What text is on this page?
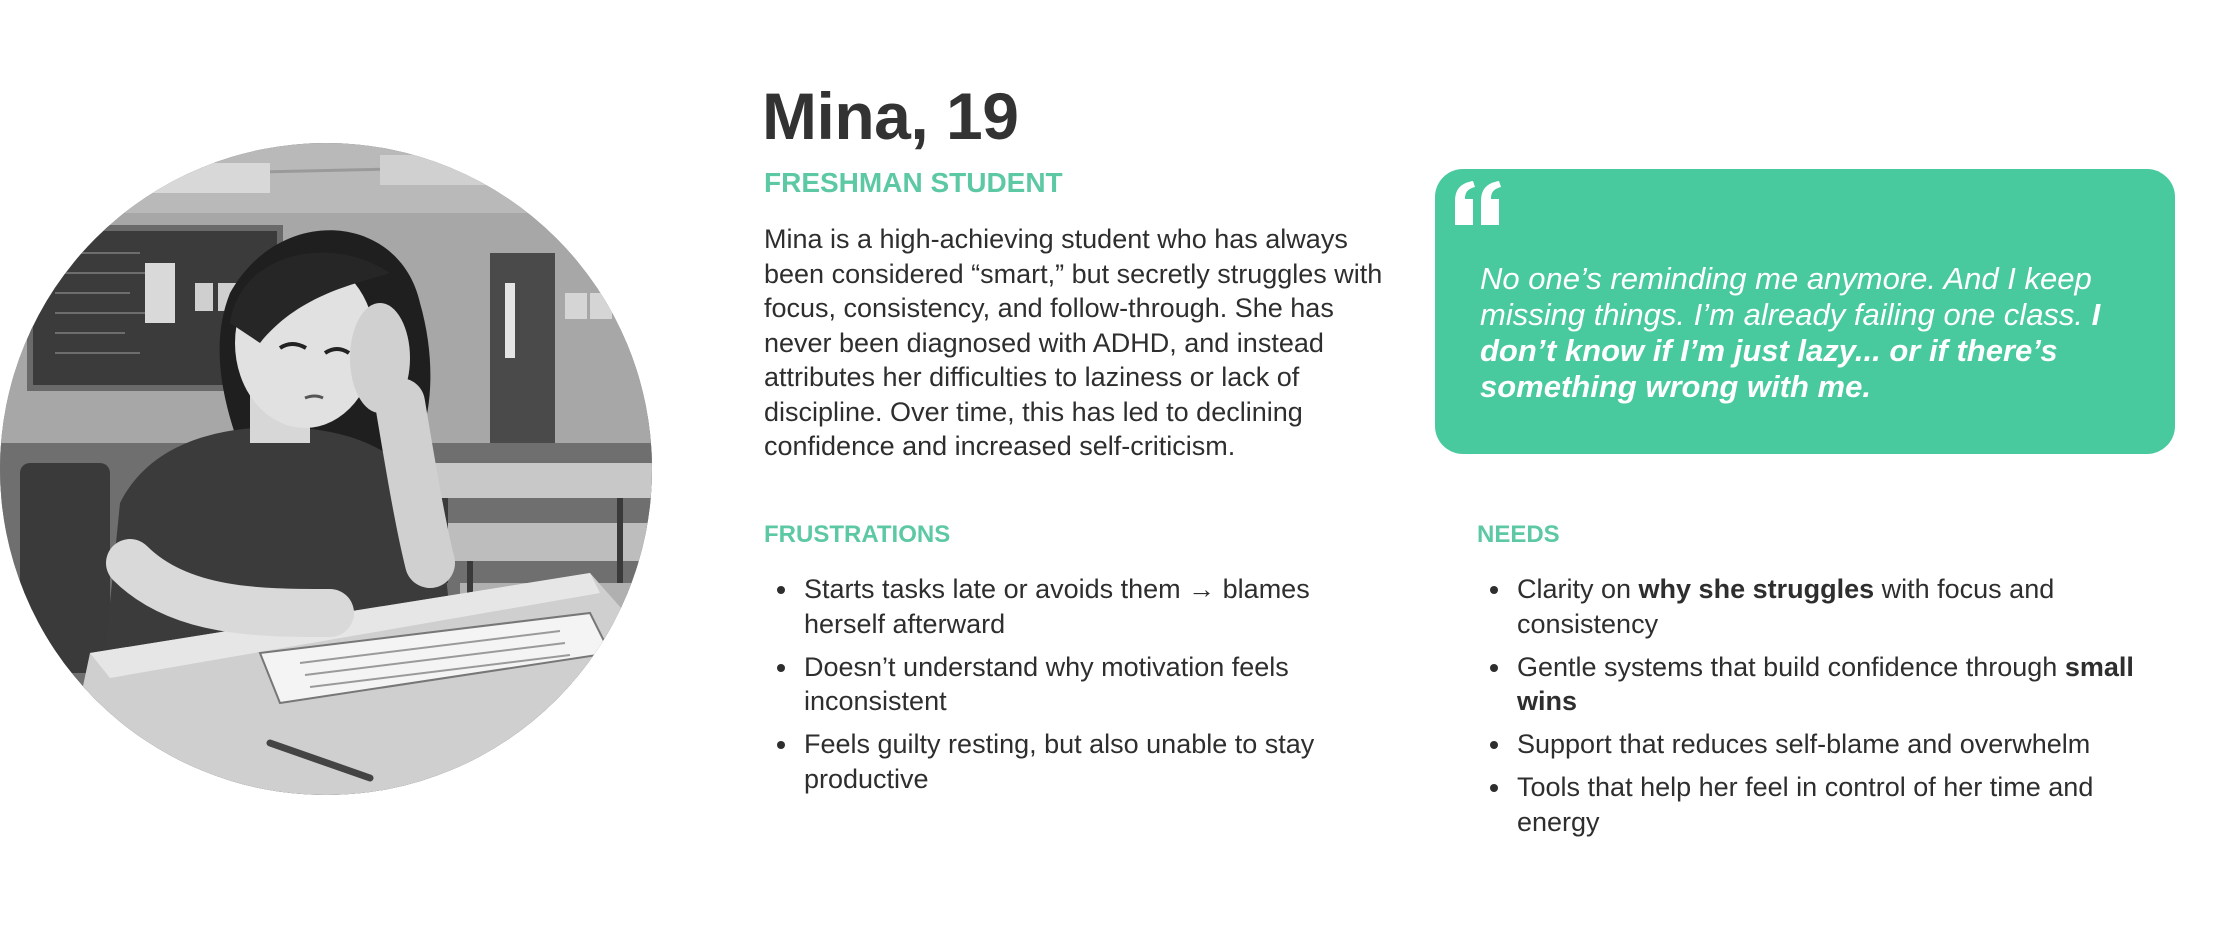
Mina, 19
FRESHMAN STUDENT

Mina is a high-achieving student who has always been considered “smart,” but secretly struggles with focus, consistency, and follow-through. She has never been diagnosed with ADHD, and instead attributes her difficulties to laziness or lack of discipline. Over time, this has led to declining confidence and increased self-criticism.

No one’s reminding me anymore. And I keep missing things. I’m already failing one class. I don’t know if I’m just lazy... or if there’s something wrong with me.

FRUSTRATIONS
Starts tasks late or avoids them → blames herself afterward
Doesn’t understand why motivation feels inconsistent
Feels guilty resting, but also unable to stay productive
NEEDS
Clarity on why she struggles with focus and consistency
Gentle systems that build confidence through small wins
Support that reduces self-blame and overwhelm
Tools that help her feel in control of her time and energy
